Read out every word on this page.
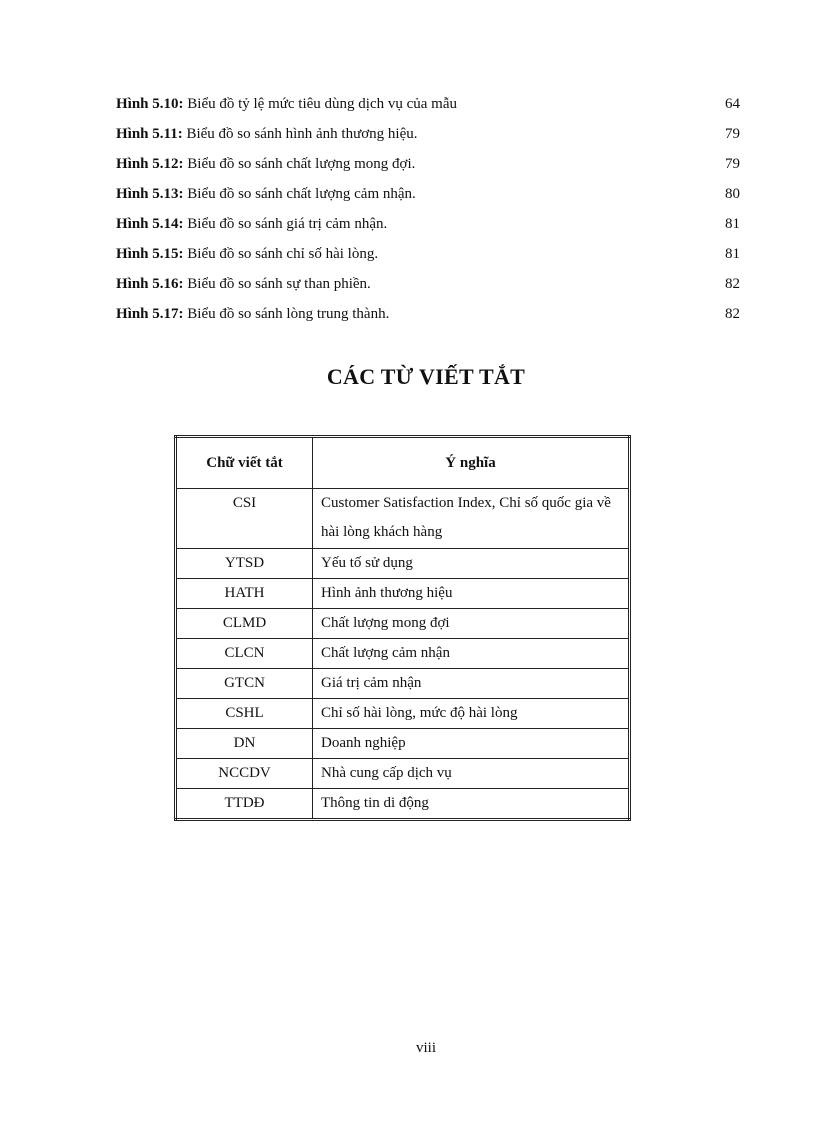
Hình 5.10: Biểu đồ tỷ lệ mức tiêu dùng dịch vụ của mẫu	64
Hình 5.11: Biểu đồ so sánh hình ảnh thương hiệu.	79
Hình 5.12: Biểu đồ so sánh chất lượng mong đợi.	79
Hình 5.13: Biểu đồ so sánh chất lượng cảm nhận.	80
Hình 5.14: Biểu đồ so sánh giá trị cảm nhận.	81
Hình 5.15: Biểu đồ so sánh chỉ số hài lòng.	81
Hình 5.16: Biểu đồ so sánh sự than phiền.	82
Hình 5.17: Biểu đồ so sánh lòng trung thành.	82
CÁC TỪ VIẾT TẮT
Chữ viết tắt	Ý nghĩa
CSI	Customer Satisfaction Index, Chỉ số quốc gia về hài lòng khách hàng
YTSD	Yếu tố sử dụng
HATH	Hình ảnh thương hiệu
CLMD	Chất lượng mong đợi
CLCN	Chất lượng cảm nhận
GTCN	Giá trị cảm nhận
CSHL	Chỉ số hài lòng, mức độ hài lòng
DN	Doanh nghiệp
NCCDV	Nhà cung cấp dịch vụ
TTDĐ	Thông tin di động
viii
